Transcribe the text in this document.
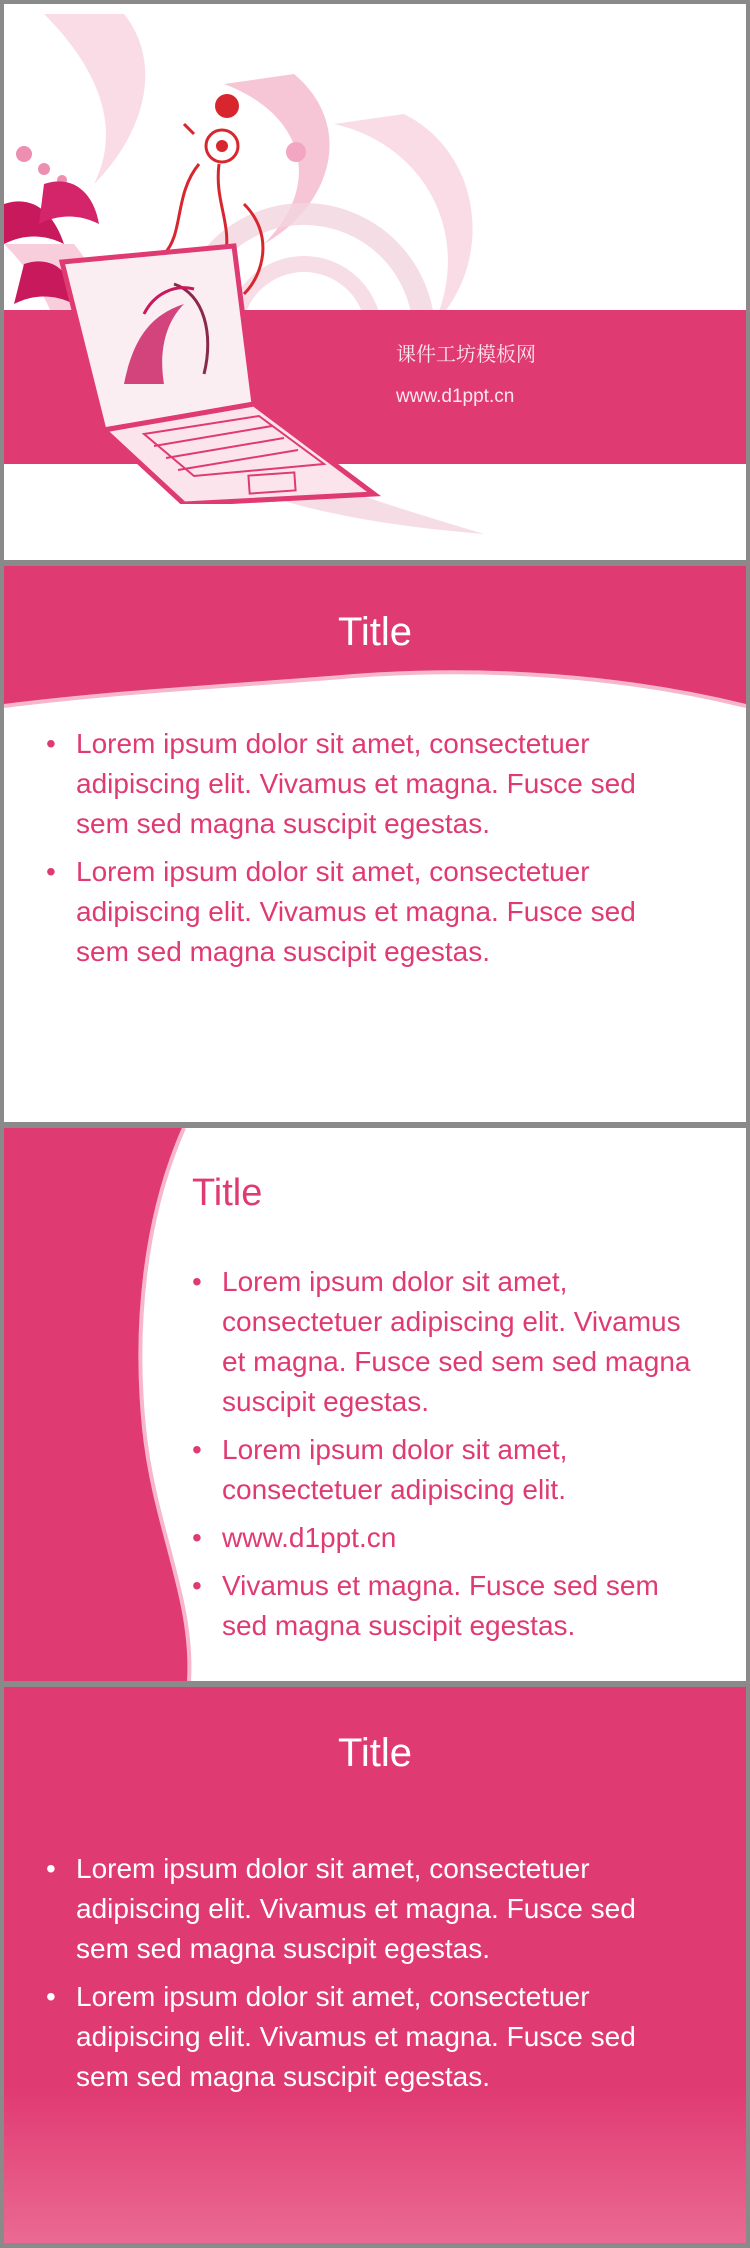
课件工坊模板网
www.d1ppt.cn
Title
• Lorem ipsum dolor sit amet, consectetuer adipiscing elit. Vivamus et magna. Fusce sed sem sed magna suscipit egestas.
• Lorem ipsum dolor sit amet, consectetuer adipiscing elit. Vivamus et magna. Fusce sed sem sed magna suscipit egestas.
Title
• Lorem ipsum dolor sit amet, consectetuer adipiscing elit. Vivamus et magna. Fusce sed sem sed magna suscipit egestas.
• Lorem ipsum dolor sit amet, consectetuer adipiscing elit.
• www.d1ppt.cn
• Vivamus et magna. Fusce sed sem sed magna suscipit egestas.
Title
• Lorem ipsum dolor sit amet, consectetuer adipiscing elit. Vivamus et magna. Fusce sed sem sed magna suscipit egestas.
• Lorem ipsum dolor sit amet, consectetuer adipiscing elit. Vivamus et magna. Fusce sed sem sed magna suscipit egestas.
